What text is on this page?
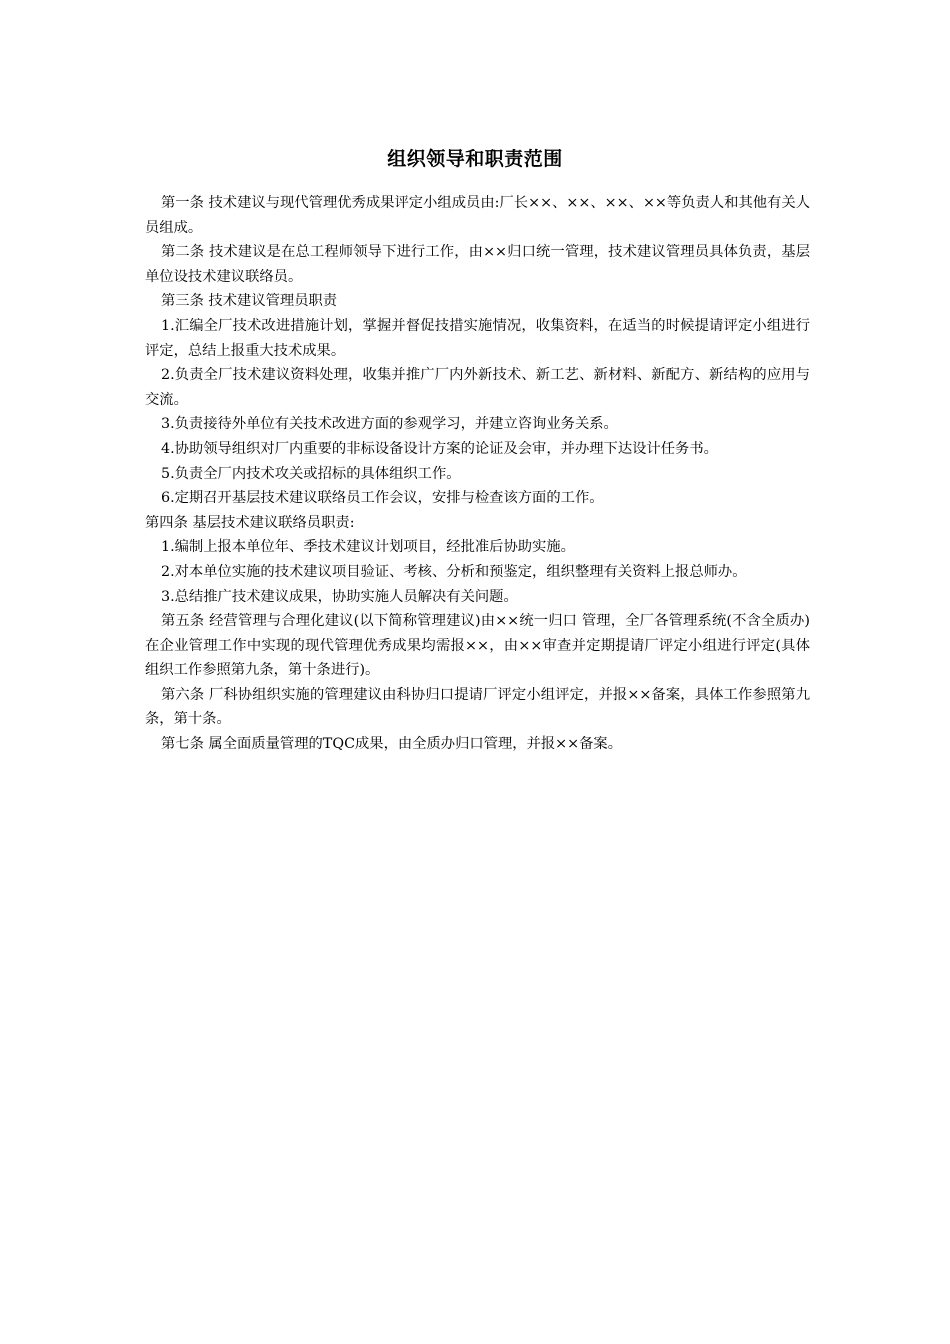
组织领导和职责范围

第一条 技术建议与现代管理优秀成果评定小组成员由:厂长××、××、××、××等负责人和其他有关人员组成。

第二条 技术建议是在总工程师领导下进行工作，由××归口统一管理，技术建议管理员具体负责，基层单位设技术建议联络员。

第三条 技术建议管理员职责

1.汇编全厂技术改进措施计划，掌握并督促技措实施情况，收集资料，在适当的时候提请评定小组进行评定，总结上报重大技术成果。

2.负责全厂技术建议资料处理，收集并推广厂内外新技术、新工艺、新材料、新配方、新结构的应用与交流。

3.负责接待外单位有关技术改进方面的参观学习，并建立咨询业务关系。

4.协助领导组织对厂内重要的非标设备设计方案的论证及会审，并办理下达设计任务书。

5.负责全厂内技术攻关或招标的具体组织工作。

6.定期召开基层技术建议联络员工作会议，安排与检查该方面的工作。

第四条 基层技术建议联络员职责:

1.编制上报本单位年、季技术建议计划项目，经批准后协助实施。

2.对本单位实施的技术建议项目验证、考核、分析和预鉴定，组织整理有关资料上报总师办。

3.总结推广技术建议成果，协助实施人员解决有关问题。

第五条 经营管理与合理化建议(以下简称管理建议)由××统一归口 管理，全厂各管理系统(不含全质办)在企业管理工作中实现的现代管理优秀成果均需报××，由××审查并定期提请厂评定小组进行评定(具体组织工作参照第九条，第十条进行)。

第六条 厂科协组织实施的管理建议由科协归口提请厂评定小组评定，并报××备案，具体工作参照第九条，第十条。

第七条 属全面质量管理的TQC成果，由全质办归口管理，并报××备案。
